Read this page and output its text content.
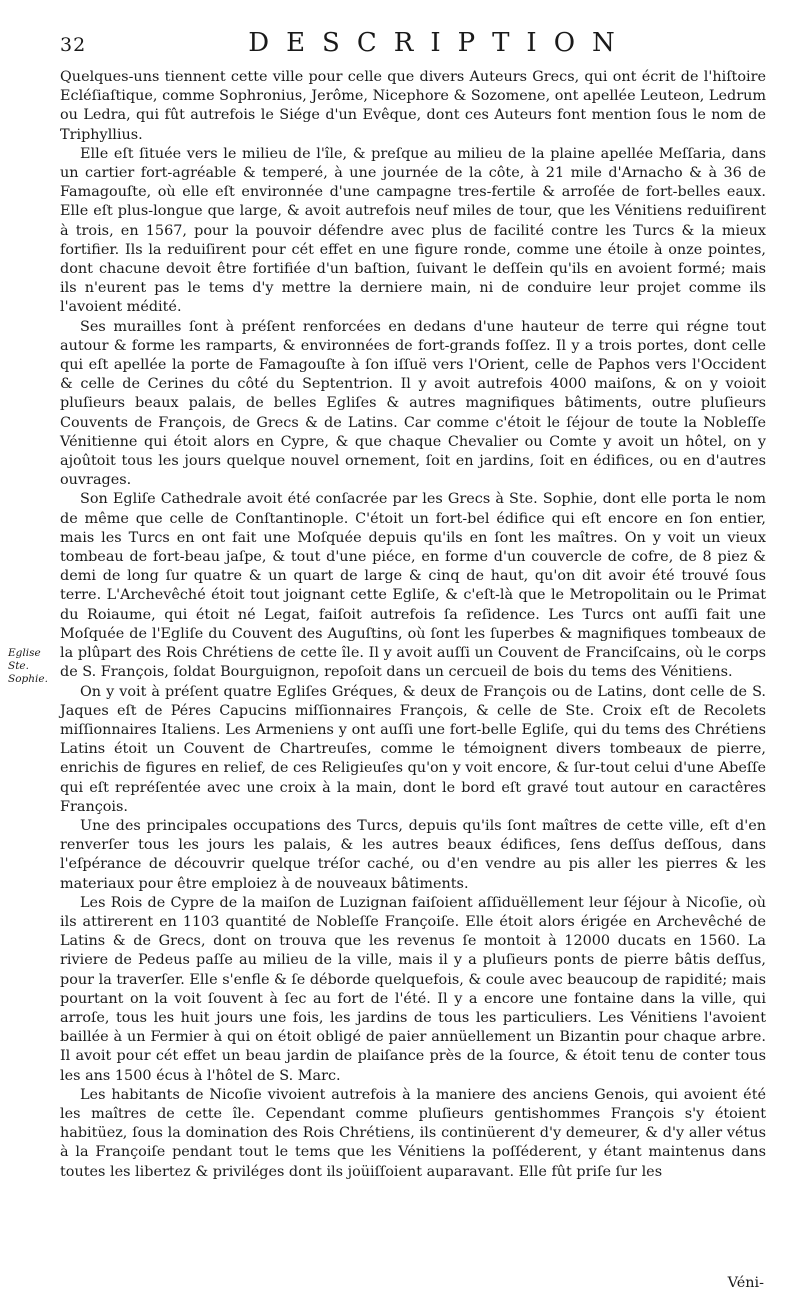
32	DESCRIPTION
Eglise Ste. Sophie.

Quelques-uns tiennent cette ville pour celle que divers Auteurs Grecs, qui ont écrit de l'hiſtoire Ecléſiaſtique, comme Sophronius, Jerôme, Nicephore & Sozomene, ont apellée Leuteon, Ledrum ou Ledra, qui fût autrefois le Siége d'un Evêque, dont ces Auteurs font mention ſous le nom de Triphyllius.

Elle eſt ſituée vers le milieu de l'île, & preſque au milieu de la plaine apellée Meſſaria, dans un cartier fort-agréable & temperé, à une journée de la côte, à 21 mile d'Arnacho & à 36 de Famagouſte, où elle eſt environnée d'une campagne tres-fertile & arroſée de fort-belles eaux. Elle eſt plus-longue que large, & avoit autrefois neuf miles de tour, que les Vénitiens reduiſirent à trois, en 1567, pour la pouvoir défendre avec plus de facilité contre les Turcs & la mieux fortifier. Ils la reduiſirent pour cét effet en une figure ronde, comme une étoile à onze pointes, dont chacune devoit être fortifiée d'un baſtion, ſuivant le deſſein qu'ils en avoient formé; mais ils n'eurent pas le tems d'y mettre la derniere main, ni de conduire leur projet comme ils l'avoient médité.

Ses murailles ſont à préſent renforcées en dedans d'une hauteur de terre qui régne tout autour & forme les ramparts, & environnées de fort-grands foſſez. Il y a trois portes, dont celle qui eſt apellée la porte de Famagouſte à ſon iſſuë vers l'Orient, celle de Paphos vers l'Occident & celle de Cerines du côté du Septentrion. Il y avoit autrefois 4000 maiſons, & on y voioit pluſieurs beaux palais, de belles Egliſes & autres magnifiques bâtiments, outre pluſieurs Couvents de François, de Grecs & de Latins. Car comme c'étoit le ſéjour de toute la Nobleſſe Vénitienne qui étoit alors en Cypre, & que chaque Chevalier ou Comte y avoit un hôtel, on y ajoûtoit tous les jours quelque nouvel ornement, ſoit en jardins, ſoit en édifices, ou en d'autres ouvrages.

Son Egliſe Cathedrale avoit été conſacrée par les Grecs à Ste. Sophie, dont elle porta le nom de même que celle de Conſtantinople. C'étoit un fort-bel édifice qui eſt encore en ſon entier, mais les Turcs en ont fait une Moſquée depuis qu'ils en ſont les maîtres. On y voit un vieux tombeau de fort-beau jaſpe, & tout d'une piéce, en forme d'un couvercle de cofre, de 8 piez & demi de long ſur quatre & un quart de large & cinq de haut, qu'on dit avoir été trouvé ſous terre. L'Archevêché étoit tout joignant cette Egliſe, & c'eſt-là que le Metropolitain ou le Primat du Roiaume, qui étoit né Legat, faiſoit autrefois ſa reſidence. Les Turcs ont auſſi fait une Moſquée de l'Egliſe du Couvent des Auguſtins, où ſont les ſuperbes & magnifiques tombeaux de la plûpart des Rois Chrétiens de cette île. Il y avoit auſſi un Couvent de Franciſcains, où le corps de S. François, ſoldat Bourguignon, repoſoit dans un cercueil de bois du tems des Vénitiens.

On y voit à préſent quatre Egliſes Gréques, & deux de François ou de Latins, dont celle de S. Jaques eſt de Péres Capucins miſſionnaires François, & celle de Ste. Croix eſt de Recolets miſſionnaires Italiens. Les Armeniens y ont auſſi une fort-belle Egliſe, qui du tems des Chrétiens Latins étoit un Couvent de Chartreuſes, comme le témoignent divers tombeaux de pierre, enrichis de figures en relief, de ces Religieuſes qu'on y voit encore, & ſur-tout celui d'une Abeſſe qui eſt repréſentée avec une croix à la main, dont le bord eſt gravé tout autour en caractêres François.

Une des principales occupations des Turcs, depuis qu'ils ſont maîtres de cette ville, eſt d'en renverſer tous les jours les palais, & les autres beaux édifices, ſens deſſus deſſous, dans l'eſpérance de découvrir quelque tréſor caché, ou d'en vendre au pis aller les pierres & les materiaux pour être emploiez à de nouveaux bâtiments.

Les Rois de Cypre de la maiſon de Luzignan faiſoient aſſiduëllement leur ſéjour à Nicoſie, où ils attirerent en 1103 quantité de Nobleſſe Françoiſe. Elle étoit alors érigée en Archevêché de Latins & de Grecs, dont on trouva que les revenus ſe montoit à 12000 ducats en 1560. La riviere de Pedeus paſſe au milieu de la ville, mais il y a pluſieurs ponts de pierre bâtis deſſus, pour la traverſer. Elle s'enfle & ſe déborde quelquefois, & coule avec beaucoup de rapidité; mais pourtant on la voit ſouvent à ſec au fort de l'été. Il y a encore une fontaine dans la ville, qui arroſe, tous les huit jours une fois, les jardins de tous les particuliers. Les Vénitiens l'avoient baillée à un Fermier à qui on étoit obligé de paier annüellement un Bizantin pour chaque arbre. Il avoit pour cét effet un beau jardin de plaiſance près de la ſource, & étoit tenu de conter tous les ans 1500 écus à l'hôtel de S. Marc.

Les habitants de Nicoſie vivoient autrefois à la maniere des anciens Genois, qui avoient été les maîtres de cette île. Cependant comme pluſieurs gentishommes François s'y étoient habitüez, ſous la domination des Rois Chrétiens, ils continüerent d'y demeurer, & d'y aller vétus à la Françoiſe pendant tout le tems que les Vénitiens la poſſéderent, y étant maintenus dans toutes les libertez & priviléges dont ils joüiſſoient auparavant. Elle fût priſe ſur les

Véni-
